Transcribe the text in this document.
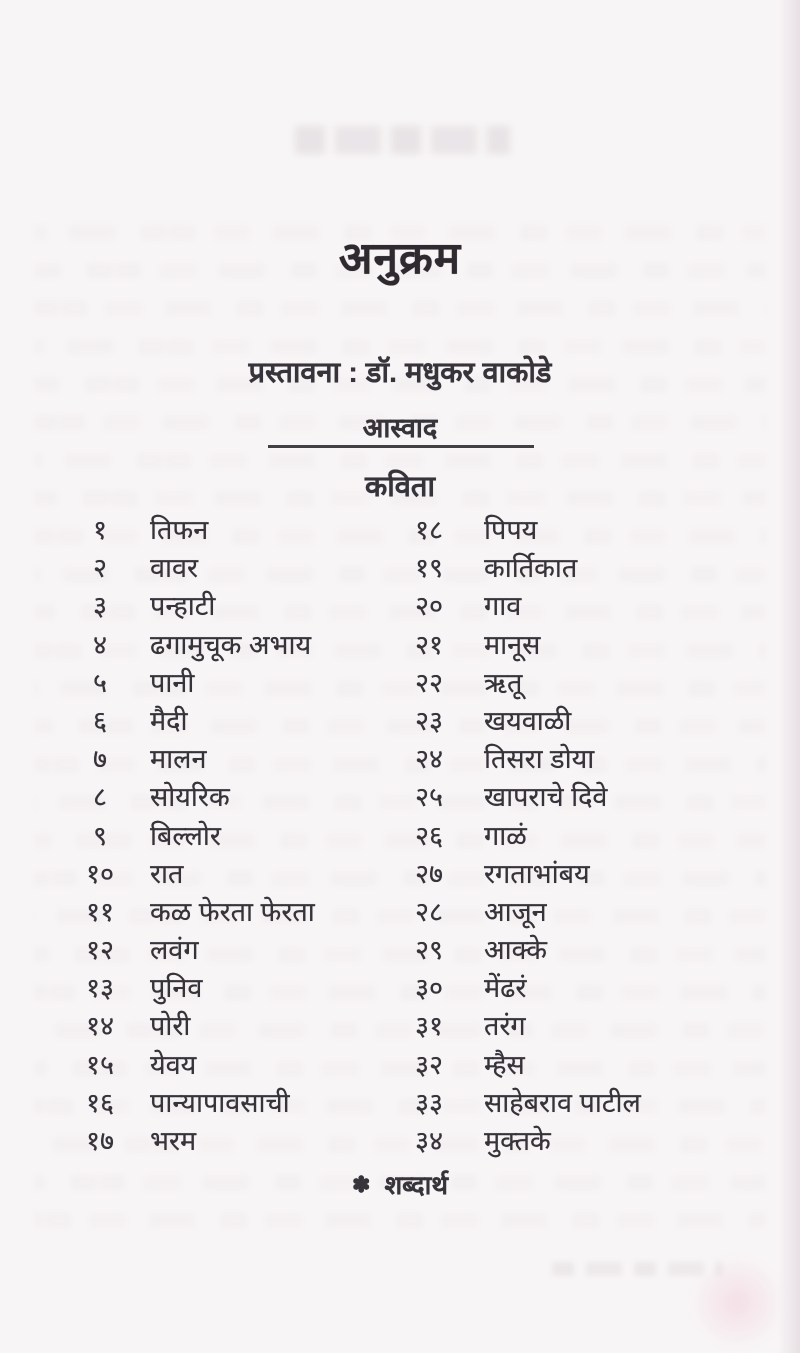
अनुक्रम
प्रस्तावना : डॉ. मधुकर वाकोडे
आस्वाद
कविता
१	तिफन
२	वावर
३	पन्हाटी
४	ढगामुचूक अभाय
५	पानी
६	मैदी
७	मालन
८	सोयरिक
९	बिल्लोर
१० रात
११ कळ फेरता फेरता
१२ लवंग
१३ पुनिव
१४ पोरी
१५ येवय
१६ पान्यापावसाची
१७ भरम
१८ पिपय
१९ कार्तिकात
२० गाव
२१ मानूस
२२ ऋतू
२३ खयवाळी
२४ तिसरा डोया
२५ खापराचे दिवे
२६ गाळं
२७ रगताभांबय
२८ आजून
२९ आक्के
३० मेंढरं
३१ तरंग
३२ म्हैस
३३ साहेबराव पाटील
३४ मुक्तके
✽ शब्दार्थ
